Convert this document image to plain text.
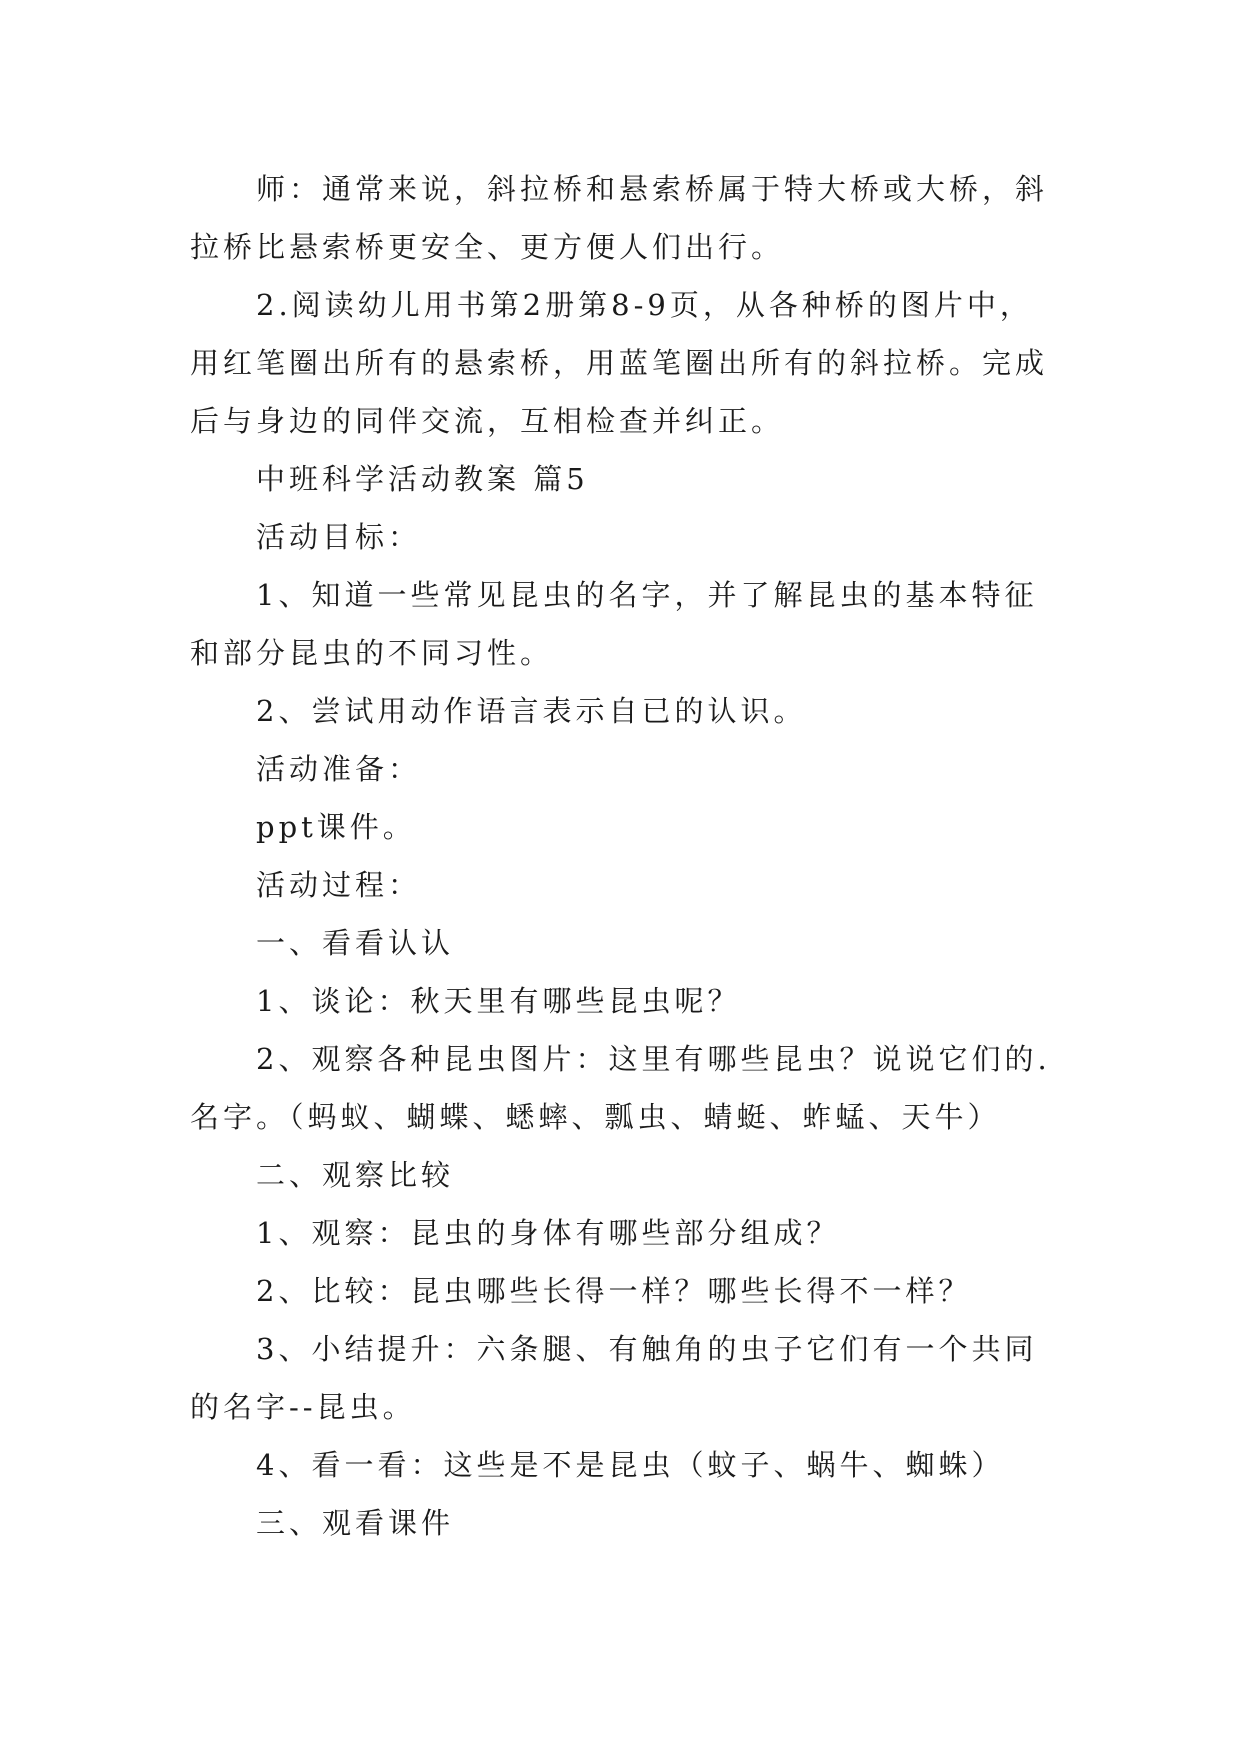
师：通常来说，斜拉桥和悬索桥属于特大桥或大桥，斜拉桥比悬索桥更安全、更方便人们出行。

2.阅读幼儿用书第2册第8-9页，从各种桥的图片中，用红笔圈出所有的悬索桥，用蓝笔圈出所有的斜拉桥。完成后与身边的同伴交流，互相检查并纠正。

中班科学活动教案 篇5

活动目标：

1、知道一些常见昆虫的名字，并了解昆虫的基本特征和部分昆虫的不同习性。

2、尝试用动作语言表示自已的认识。

活动准备：

ppt课件。

活动过程：

一、看看认认

1、谈论：秋天里有哪些昆虫呢？

2、观察各种昆虫图片：这里有哪些昆虫？说说它们的.名字。（蚂蚁、蝴蝶、蟋蟀、瓢虫、蜻蜓、蚱蜢、天牛）

二、观察比较

1、观察：昆虫的身体有哪些部分组成？

2、比较：昆虫哪些长得一样？哪些长得不一样？

3、小结提升：六条腿、有触角的虫子它们有一个共同的名字--昆虫。

4、看一看：这些是不是昆虫（蚊子、蜗牛、蜘蛛）

三、观看课件
